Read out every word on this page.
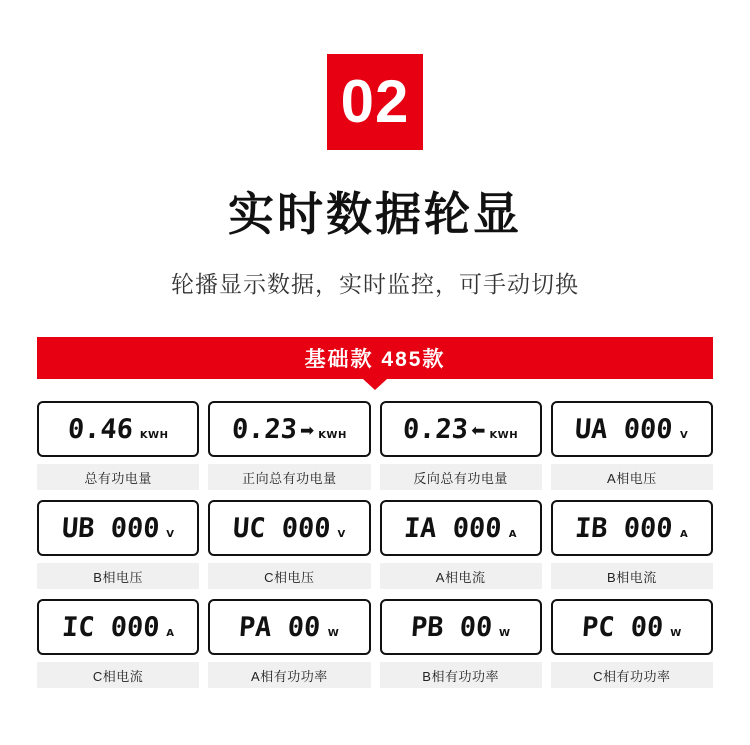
02
实时数据轮显
轮播显示数据，实时监控，可手动切换
基础款 485款
0.46 KWH
总有功电量
0.23 ➡ KWH
正向总有功电量
0.23 ⬅ KWH
反向总有功电量
UA 000 V
A相电压
UB 000 V
B相电压
UC 000 V
C相电压
IA 000 A
A相电流
IB 000 A
B相电流
IC 000 A
C相电流
PA 00 W
A相有功功率
PB 00 W
B相有功功率
PC 00 W
C相有功功率
